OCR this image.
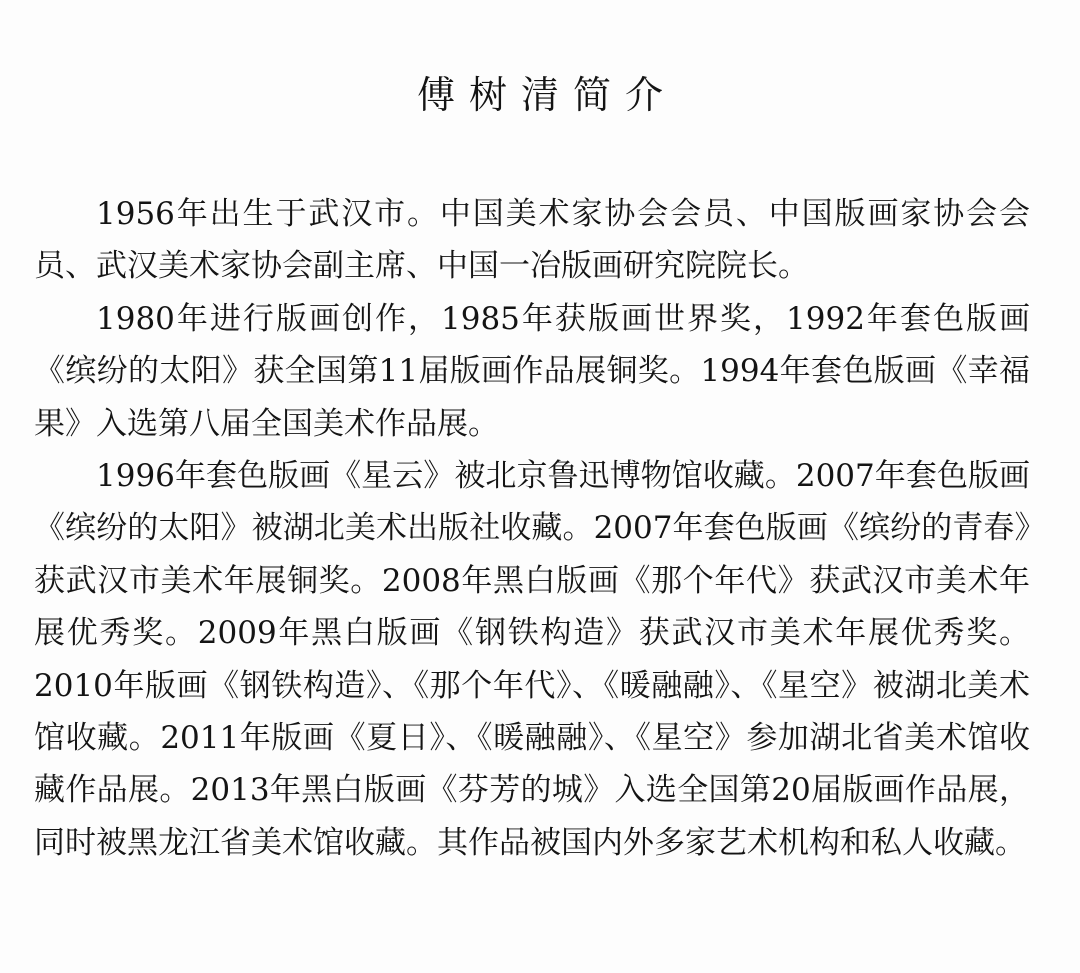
傅树清简介

1956年出生于武汉市。中国美术家协会会员、中国版画家协会会员、武汉美术家协会副主席、中国一冶版画研究院院长。

1980年进行版画创作，1985年获版画世界奖，1992年套色版画《缤纷的太阳》获全国第11届版画作品展铜奖。1994年套色版画《幸福果》入选第八届全国美术作品展。

1996年套色版画《星云》被北京鲁迅博物馆收藏。2007年套色版画《缤纷的太阳》被湖北美术出版社收藏。2007年套色版画《缤纷的青春》获武汉市美术年展铜奖。2008年黑白版画《那个年代》获武汉市美术年展优秀奖。2009年黑白版画《钢铁构造》获武汉市美术年展优秀奖。2010年版画《钢铁构造》、《那个年代》、《暖融融》、《星空》被湖北美术馆收藏。2011年版画《夏日》、《暖融融》、《星空》参加湖北省美术馆收藏作品展。2013年黑白版画《芬芳的城》入选全国第20届版画作品展，同时被黑龙江省美术馆收藏。其作品被国内外多家艺术机构和私人收藏。
